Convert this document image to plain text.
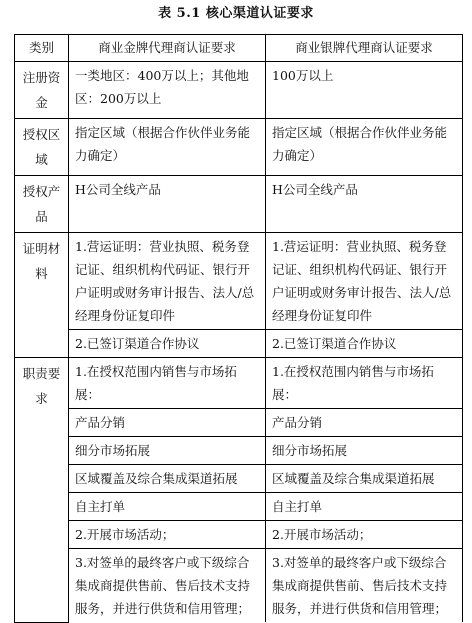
表 5.1 核心渠道认证要求
类别	商业金牌代理商认证要求	商业银牌代理商认证要求
注册资金	一类地区：400万以上；其他地区：200万以上	100万以上
授权区域	指定区域（根据合作伙伴业务能力确定）	指定区域（根据合作伙伴业务能力确定）
授权产品	H公司全线产品	H公司全线产品
证明材料	1.营运证明：营业执照、税务登记证、组织机构代码证、银行开户证明或财务审计报告、法人/总经理身份证复印件	1.营运证明：营业执照、税务登记证、组织机构代码证、银行开户证明或财务审计报告、法人/总经理身份证复印件
	2.已签订渠道合作协议	2.已签订渠道合作协议
职责要求	1.在授权范围内销售与市场拓展：	1.在授权范围内销售与市场拓展：
	产品分销	产品分销
	细分市场拓展	细分市场拓展
	区域覆盖及综合集成渠道拓展	区域覆盖及综合集成渠道拓展
	自主打单	自主打单
	2.开展市场活动；	2.开展市场活动；
	3.对签单的最终客户或下级综合集成商提供售前、售后技术支持服务，并进行供货和信用管理；	3.对签单的最终客户或下级综合集成商提供售前、售后技术支持服务，并进行供货和信用管理；
